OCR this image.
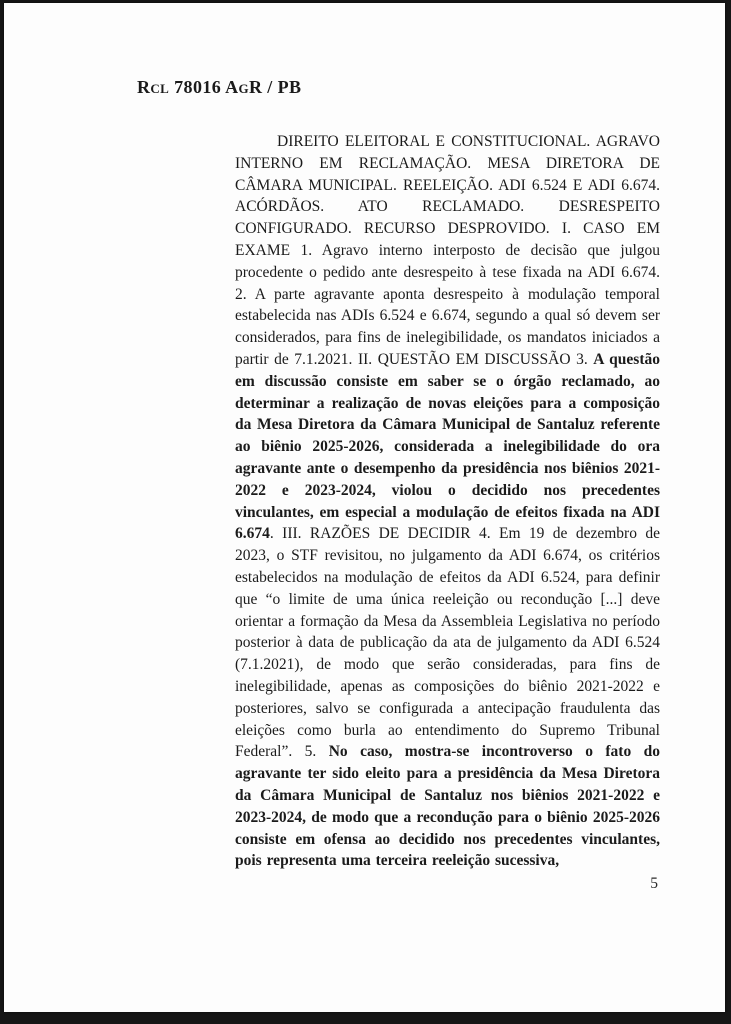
Rcl 78016 AgR / PB

DIREITO ELEITORAL E CONSTITUCIONAL. AGRAVO INTERNO EM RECLAMAÇÃO. MESA DIRETORA DE CÂMARA MUNICIPAL. REELEIÇÃO. ADI 6.524 E ADI 6.674. ACÓRDÃOS. ATO RECLAMADO. DESRESPEITO CONFIGURADO. RECURSO DESPROVIDO. I. CASO EM EXAME 1. Agravo interno interposto de decisão que julgou procedente o pedido ante desrespeito à tese fixada na ADI 6.674. 2. A parte agravante aponta desrespeito à modulação temporal estabelecida nas ADIs 6.524 e 6.674, segundo a qual só devem ser considerados, para fins de inelegibilidade, os mandatos iniciados a partir de 7.1.2021. II. QUESTÃO EM DISCUSSÃO 3. A questão em discussão consiste em saber se o órgão reclamado, ao determinar a realização de novas eleições para a composição da Mesa Diretora da Câmara Municipal de Santaluz referente ao biênio 2025-2026, considerada a inelegibilidade do ora agravante ante o desempenho da presidência nos biênios 2021-2022 e 2023-2024, violou o decidido nos precedentes vinculantes, em especial a modulação de efeitos fixada na ADI 6.674. III. RAZÕES DE DECIDIR 4. Em 19 de dezembro de 2023, o STF revisitou, no julgamento da ADI 6.674, os critérios estabelecidos na modulação de efeitos da ADI 6.524, para definir que “o limite de uma única reeleição ou recondução [...] deve orientar a formação da Mesa da Assembleia Legislativa no período posterior à data de publicação da ata de julgamento da ADI 6.524 (7.1.2021), de modo que serão consideradas, para fins de inelegibilidade, apenas as composições do biênio 2021-2022 e posteriores, salvo se configurada a antecipação fraudulenta das eleições como burla ao entendimento do Supremo Tribunal Federal”. 5. No caso, mostra-se incontroverso o fato do agravante ter sido eleito para a presidência da Mesa Diretora da Câmara Municipal de Santaluz nos biênios 2021-2022 e 2023-2024, de modo que a recondução para o biênio 2025-2026 consiste em ofensa ao decidido nos precedentes vinculantes, pois representa uma terceira reeleição sucessiva,

5
